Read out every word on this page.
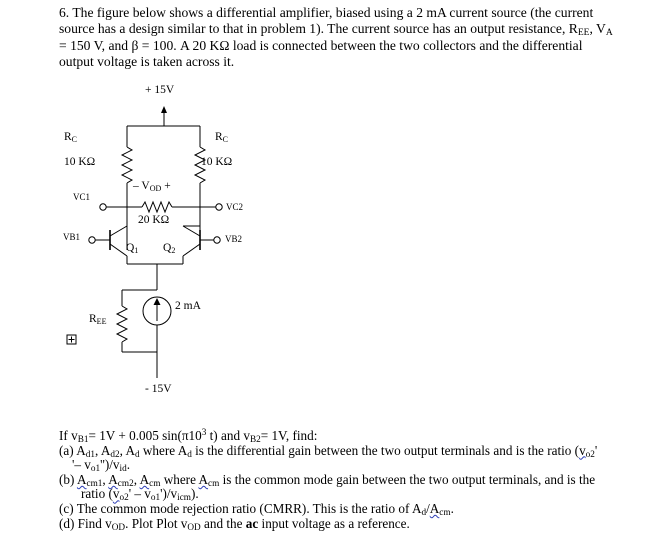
6. The figure below shows a differential amplifier, biased using a 2 mA current source (the current
source has a design similar to that in problem 1). The current source has an output resistance, $R_{EE}$, $V_A$
= 150 V, and β = 100. A 20 KΩ load is connected between the two collectors and the differential
output voltage is taken across it.
+ 15V
$R_C$
10 KΩ
$R_C$
10 KΩ
– $V_{OD}$ +
VC1
VC2
20 KΩ
VB1	VB2
$Q_1$ $Q_2$
2 mA
$R_{EE}$
- 15V
If $v_{B1}= 1V + 0.005$ $\sin(\pi 10^3$ t) and $v_{B2}= 1V$, find:
(a) $A_{d1}$, $A_{d2}$, $A_d$ where $A_d$ is the differential gain between the two output terminals and is the ratio ($v_{o2}'$
'– $v_{o1}'')/v_{id}$.
(b) $A_{cm1}$, $A_{cm2}$, $A_{cm}$ where $A_{cm}$ is the common mode gain between the two output terminals, and is the
ratio $(v_{o2}' - v_{o1}')/v_{icm}$).
(c) The common mode rejection ratio (CMRR). This is the ratio of $A_d/A_{cm}$.
(d) Find $v_{OD}$. Plot Plot $v_{OD}$ and the ac input voltage as a reference.
